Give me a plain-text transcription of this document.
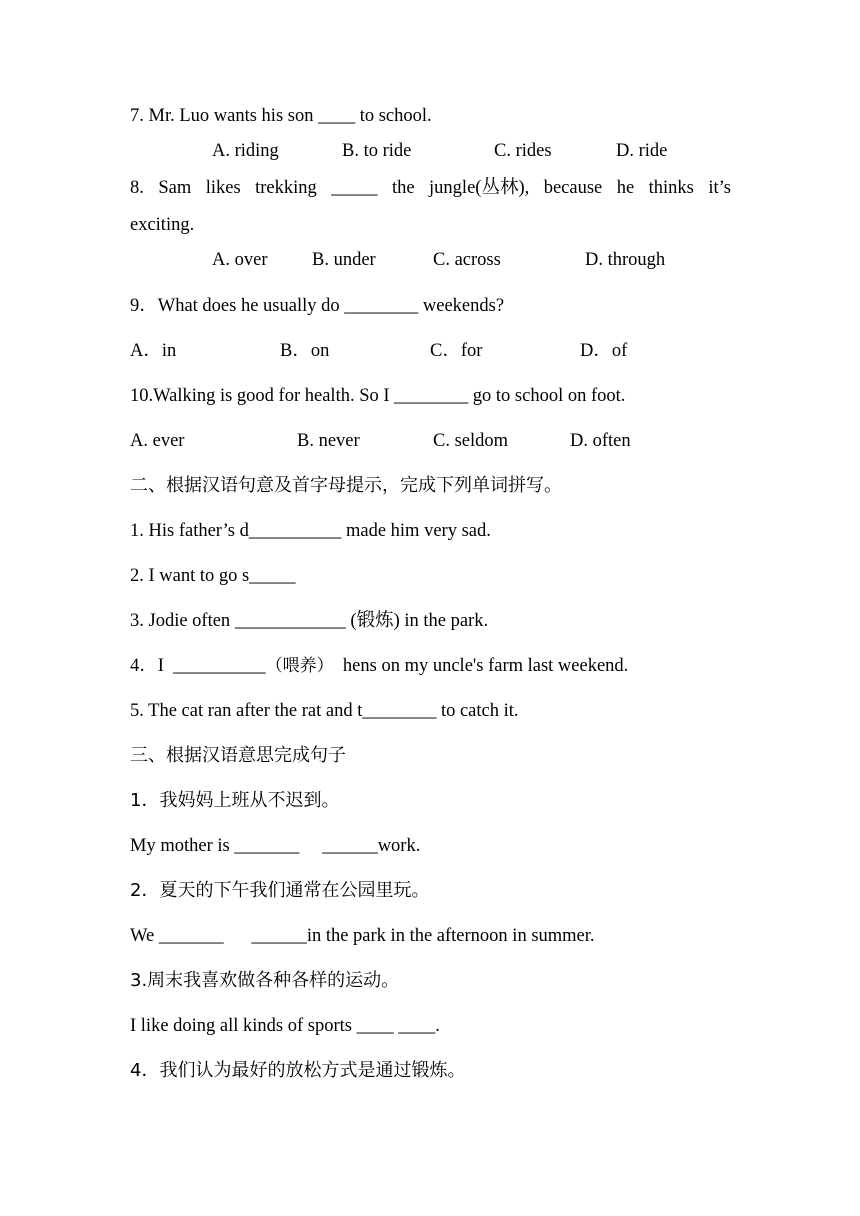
7. Mr. Luo wants his son ____ to school.
A. riding	B. to ride	C. rides	D. ride
8. Sam likes trekking _____ the jungle(丛林), because he thinks it’s
exciting.
A. over B. under	C. across	D. through
9．What does he usually do ________ weekends?
A．in	B．on	C．for	D．of
10.Walking is good for health. So I ________ go to school on foot.
A. ever	B. never	C. seldom	D. often
二、根据汉语句意及首字母提示，完成下列单词拼写。
1. His father’s d__________ made him very sad.
2. I want to go s_____
3. Jodie often ____________ (锻炼) in the park.
4．I  __________（喂养）  hens on my uncle's farm last weekend.
5. The cat ran after the rat and t________ to catch it.
三、根据汉语意思完成句子
1．我妈妈上班从不迟到。
My mother is _______     ______work.
2．夏天的下午我们通常在公园里玩。
We _______      ______in the park in the afternoon in summer.
3.周末我喜欢做各种各样的运动。
I like doing all kinds of sports ____ ____.
4．我们认为最好的放松方式是通过锻炼。
